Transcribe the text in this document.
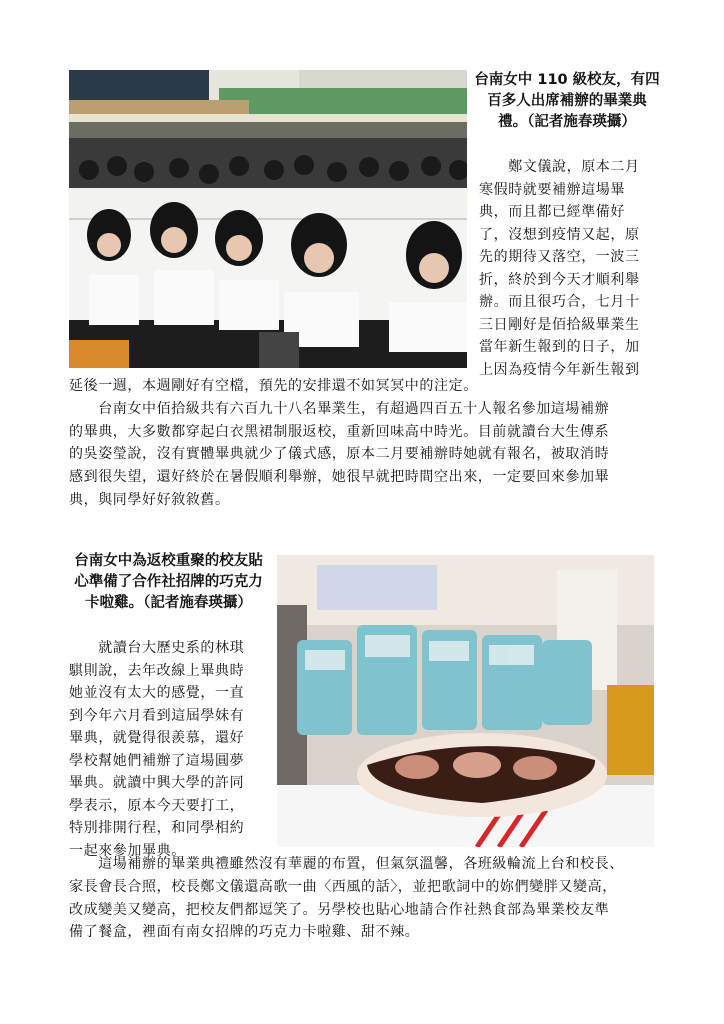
台南女中 110 級校友，有四
百多人出席補辦的畢業典
禮。（記者施春瑛攝）
　　鄭文儀說，原本二月
寒假時就要補辦這場畢
典，而且都已經準備好
了，沒想到疫情又起，原
先的期待又落空，一波三
折，終於到今天才順利舉
辦。而且很巧合，七月十
三日剛好是佰拾級畢業生
當年新生報到的日子，加
上因為疫情今年新生報到
延後一週，本週剛好有空檔，預先的安排還不如冥冥中的注定。
　　台南女中佰拾級共有六百九十八名畢業生，有超過四百五十人報名參加這場補辦
的畢典，大多數都穿起白衣黑裙制服返校，重新回味高中時光。目前就讀台大生傳系
的吳姿瑩說，沒有實體畢典就少了儀式感，原本二月要補辦時她就有報名，被取消時
感到很失望，還好終於在暑假順利舉辦，她很早就把時間空出來，一定要回來參加畢
典，與同學好好敘敘舊。
台南女中為返校重聚的校友貼
心準備了合作社招牌的巧克力
卡啦雞。（記者施春瑛攝）
　　就讀台大歷史系的林琪
騏則說，去年改線上畢典時
她並沒有太大的感覺，一直
到今年六月看到這屆學妹有
畢典，就覺得很羨慕，還好
學校幫她們補辦了這場圓夢
畢典。就讀中興大學的許同
學表示，原本今天要打工，
特別排開行程，和同學相約
一起來參加畢典。
　　這場補辦的畢業典禮雖然沒有華麗的布置，但氣氛溫馨，各班級輪流上台和校長、
家長會長合照，校長鄭文儀還高歌一曲〈西風的話〉，並把歌詞中的妳們變胖又變高，
改成變美又變高，把校友們都逗笑了。另學校也貼心地請合作社熱食部為畢業校友準
備了餐盒，裡面有南女招牌的巧克力卡啦雞、甜不辣。
